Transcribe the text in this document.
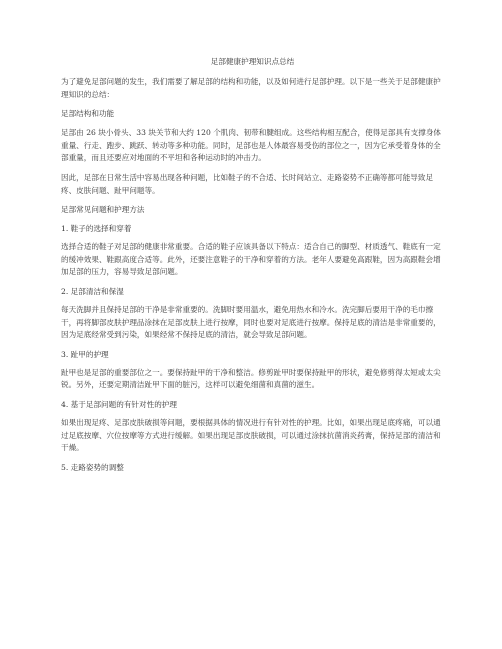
足部健康护理知识点总结

为了避免足部问题的发生，我们需要了解足部的结构和功能，以及如何进行足部护理。以下是一些关于足部健康护理知识的总结：

足部结构和功能

足部由 26 块小骨头、33 块关节和大约 120 个肌肉、韧带和腱组成。这些结构相互配合，使得足部具有支撑身体重量、行走、跑步、跳跃、转动等多种功能。同时，足部也是人体最容易受伤的部位之一，因为它承受着身体的全部重量，而且还要应对地面的不平坦和各种运动时的冲击力。

因此，足部在日常生活中容易出现各种问题，比如鞋子的不合适、长时间站立、走路姿势不正确等都可能导致足疼、皮肤问题、趾甲问题等。

足部常见问题和护理方法
1. 鞋子的选择和穿着

选择合适的鞋子对足部的健康非常重要。合适的鞋子应该具备以下特点：适合自己的脚型、材质透气、鞋底有一定的缓冲效果、鞋跟高度合适等。此外，还要注意鞋子的干净和穿着的方法。老年人要避免高跟鞋，因为高跟鞋会增加足部的压力，容易导致足部问题。

2. 足部清洁和保湿

每天洗脚并且保持足部的干净是非常重要的。洗脚时要用温水，避免用热水和冷水。洗完脚后要用干净的毛巾擦干，再将脚部皮肤护理品涂抹在足部皮肤上进行按摩，同时也要对足底进行按摩。保持足底的清洁是非常重要的，因为足底经常受到污染，如果经常不保持足底的清洁，就会导致足部问题。

3. 趾甲的护理

趾甲也是足部的重要部位之一。要保持趾甲的干净和整洁。修剪趾甲时要保持趾甲的形状，避免修剪得太短或太尖锐。另外，还要定期清洁趾甲下面的脏污，这样可以避免细菌和真菌的滋生。

4. 基于足部问题的有针对性的护理

如果出现足疼、足部皮肤破损等问题，要根据具体的情况进行有针对性的护理。比如，如果出现足底疼痛，可以通过足底按摩、穴位按摩等方式进行缓解。如果出现足部皮肤破损，可以通过涂抹抗菌消炎药膏，保持足部的清洁和干燥。

5. 走路姿势的调整
